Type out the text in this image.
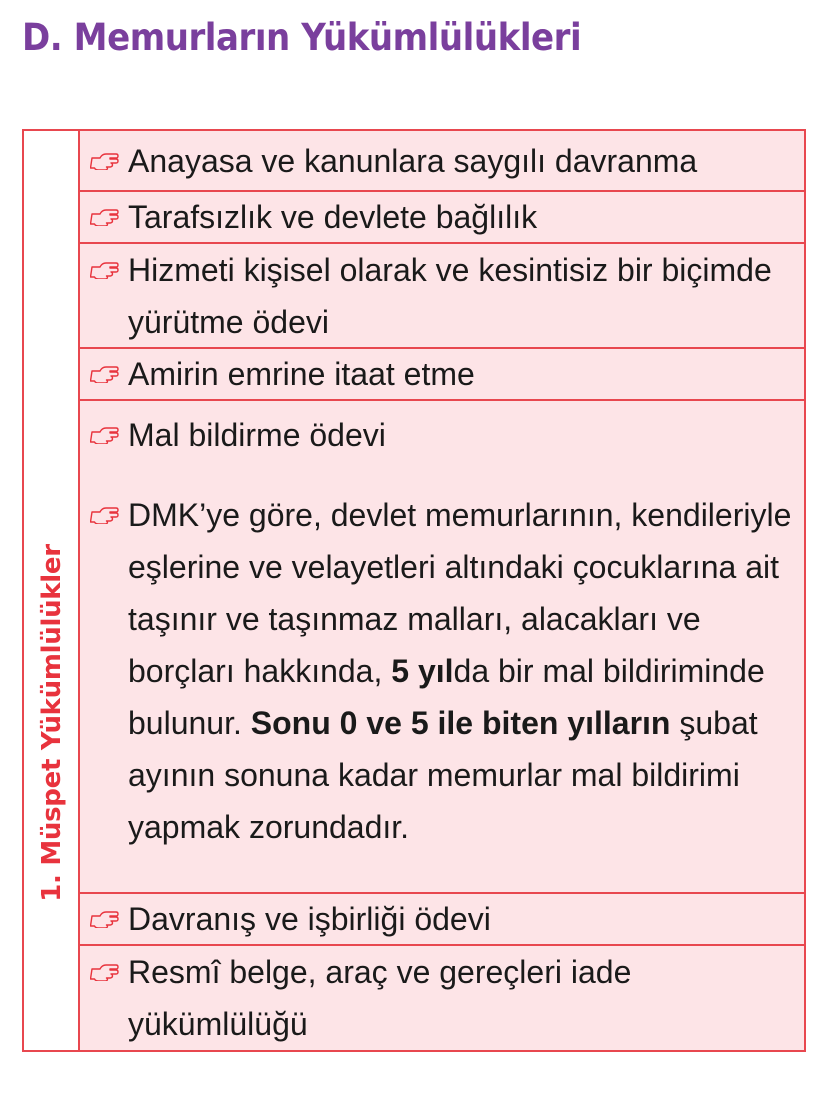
D. Memurların Yükümlülükleri
1. Müspet Yükümlülükler
Anayasa ve kanunlara saygılı davranma
Tarafsızlık ve devlete bağlılık
Hizmeti kişisel olarak ve kesintisiz bir biçimde yürütme ödevi
Amirin emrine itaat etme
Mal bildirme ödevi
DMK’ye göre, devlet memurlarının, kendileriyle eşlerine ve velayetleri altındaki çocuklarına ait taşınır ve taşınmaz malları, alacakları ve borçları hakkında, 5 yılda bir mal bildiriminde bulunur. Sonu 0 ve 5 ile biten yılların şubat ayının sonuna kadar memurlar mal bildirimi yapmak zorundadır.
Davranış ve işbirliği ödevi
Resmî belge, araç ve gereçleri iade yükümlülüğü
